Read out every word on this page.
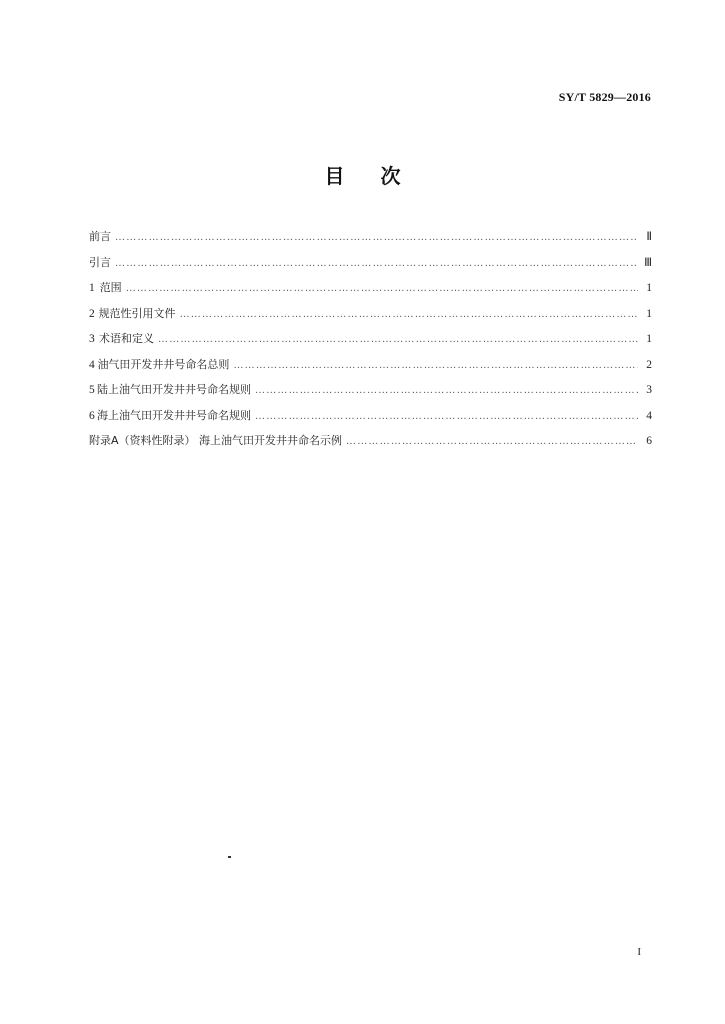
SY/T 5829—2016
目 次
前言 ……………………………………………………………………………………………………………………………………………………………………………………………………………	Ⅱ
引言 ……………………………………………………………………………………………………………………………………………………………………………………………………………	Ⅲ
1 范围 ……………………………………………………………………………………………………………………………………………………………………………………………………………	1
2 规范性引用文件 ……………………………………………………………………………………………………………………………………………………………………………………………………………	1
3 术语和定义 ……………………………………………………………………………………………………………………………………………………………………………………………………………	1
4 油气田开发井井号命名总则 ……………………………………………………………………………………………………………………………………………………………………………………………………………	2
5 陆上油气田开发井井号命名规则 ……………………………………………………………………………………………………………………………………………………………………………………………………………	3
6 海上油气田开发井井号命名规则 ……………………………………………………………………………………………………………………………………………………………………………………………………………	4
附录A（资料性附录） 海上油气田开发井井命名示例 ……………………………………………………………………………………………………………………………………………………………………………………………………………	6
I
